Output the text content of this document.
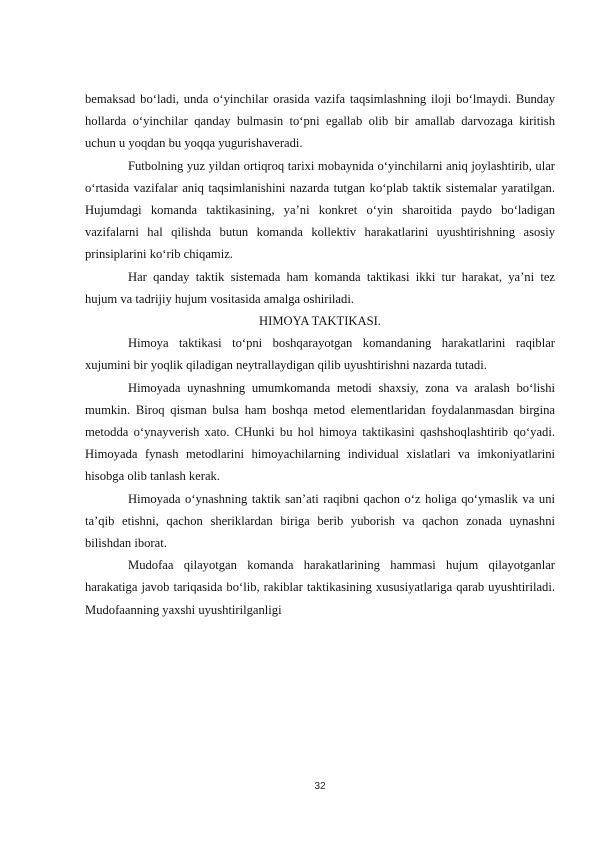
bemaksad bo‘ladi, unda o‘yinchilar orasida vazifa taqsimlashning iloji bo‘lmaydi. Bunday hollarda o‘yinchilar qanday bulmasin to‘pni egallab olib bir amallab darvozaga kiritish uchun u yoqdan bu yoqqa yugurishaveradi.

Futbolning yuz yildan ortiqroq tarixi mobaynida o‘yinchilarni aniq joylashtirib, ular o‘rtasida vazifalar aniq taqsimlanishini nazarda tutgan ko‘plab taktik sistemalar yaratilgan. Hujumdagi komanda taktikasining, ya’ni konkret o‘yin sharoitida paydo bo‘ladigan vazifalarni hal qilishda butun komanda kollektiv harakatlarini uyushtirishning asosiy prinsiplarini ko‘rib chiqamiz.

Har qanday taktik sistemada ham komanda taktikasi ikki tur harakat, ya’ni tez hujum va tadrijiy hujum vositasida amalga oshiriladi.

HIMOYA TAKTIKASI.

Himoya taktikasi to‘pni boshqarayotgan komandaning harakatlarini raqiblar xujumini bir yoqlik qiladigan neytrallaydigan qilib uyushtirishni nazarda tutadi.

Himoyada uynashning umumkomanda metodi shaxsiy, zona va aralash bo‘lishi mumkin. Biroq qisman bulsa ham boshqa metod elementlaridan foydalanmasdan birgina metodda o‘ynayverish xato. CHunki bu hol himoya taktikasini qashshoqlashtirib qo‘yadi. Himoyada fynash metodlarini himoyachilarning individual xislatlari va imkoniyatlarini hisobga olib tanlash kerak.

Himoyada o‘ynashning taktik san’ati raqibni qachon o‘z holiga qo‘ymaslik va uni ta’qib etishni, qachon sheriklardan biriga berib yuborish va qachon zonada uynashni bilishdan iborat.

Mudofaa qilayotgan komanda harakatlarining hammasi hujum qilayotganlar harakatiga javob tariqasida bo‘lib, rakiblar taktikasining xususiyatlariga qarab uyushtiriladi. Mudofaanning yaxshi uyushtirilganligi

32
